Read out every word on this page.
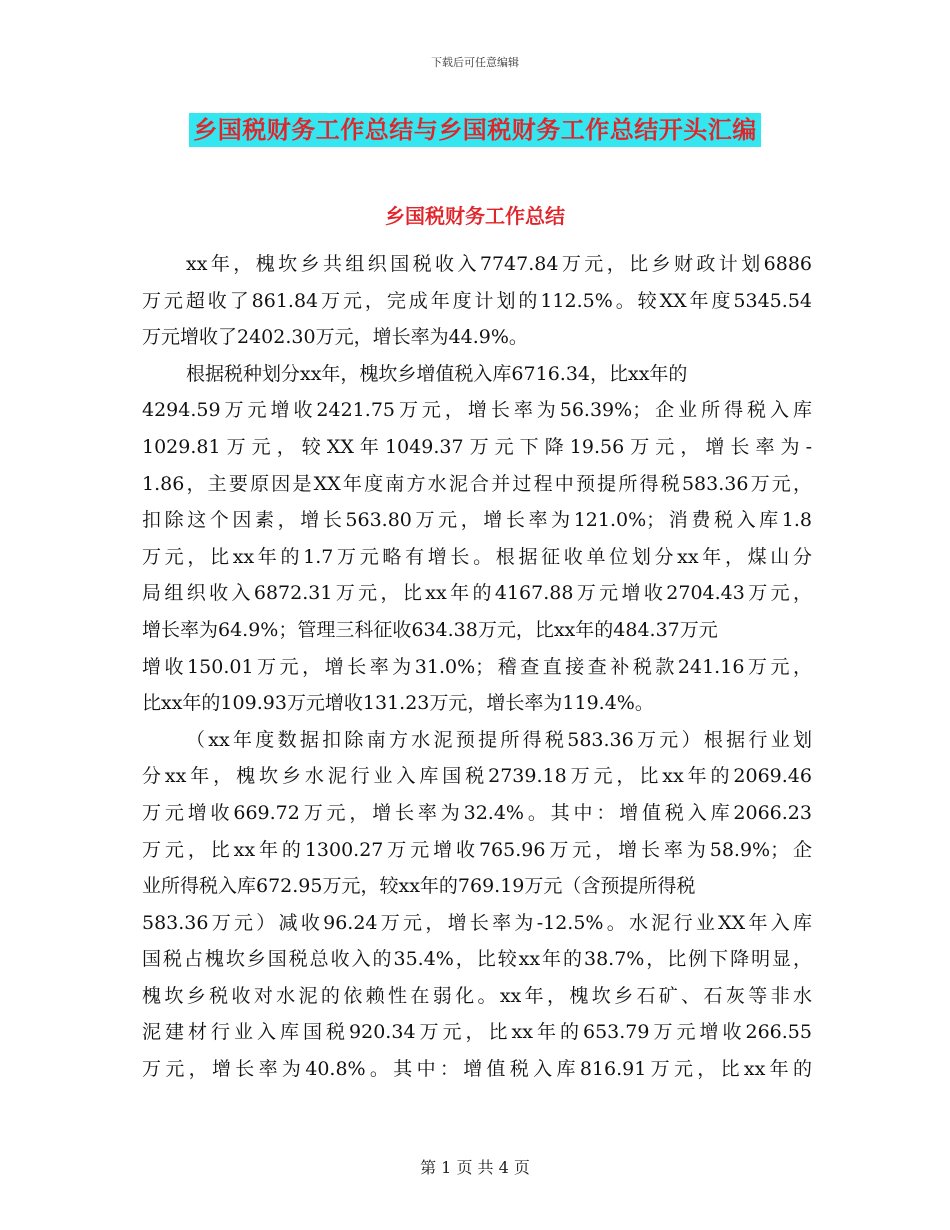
下载后可任意编辑
乡国税财务工作总结与乡国税财务工作总结开头汇编
乡国税财务工作总结
xx年，槐坎乡共组织国税收入7747.84万元，比乡财政计划6886
万元超收了861.84万元，完成年度计划的112.5%。较XX年度5345.54
万元增收了2402.30万元，增长率为44.9%。
根据税种划分xx年，槐坎乡增值税入库6716.34，比xx年的
4294.59万元增收2421.75万元，增长率为56.39%；企业所得税入库
1029.81万元，较XX年1049.37万元下降19.56万元，增长率为-
1.86，主要原因是XX年度南方水泥合并过程中预提所得税583.36万元，
扣除这个因素，增长563.80万元，增长率为121.0%；消费税入库1.8
万元，比xx年的1.7万元略有增长。根据征收单位划分xx年，煤山分
局组织收入6872.31万元，比xx年的4167.88万元增收2704.43万元，
增长率为64.9%；管理三科征收634.38万元，比xx年的484.37万元
增收150.01万元，增长率为31.0%；稽查直接查补税款241.16万元，
比xx年的109.93万元增收131.23万元，增长率为119.4%。
（xx年度数据扣除南方水泥预提所得税583.36万元）根据行业划
分xx年，槐坎乡水泥行业入库国税2739.18万元，比xx年的2069.46
万元增收669.72万元，增长率为32.4%。其中：增值税入库2066.23
万元，比xx年的1300.27万元增收765.96万元，增长率为58.9%；企
业所得税入库672.95万元，较xx年的769.19万元（含预提所得税
583.36万元）减收96.24万元，增长率为-12.5%。水泥行业XX年入库
国税占槐坎乡国税总收入的35.4%，比较xx年的38.7%，比例下降明显，
槐坎乡税收对水泥的依赖性在弱化。xx年，槐坎乡石矿、石灰等非水
泥建材行业入库国税920.34万元，比xx年的653.79万元增收266.55
万元，增长率为40.8%。其中：增值税入库816.91万元，比xx年的
第 1 页 共 4 页
